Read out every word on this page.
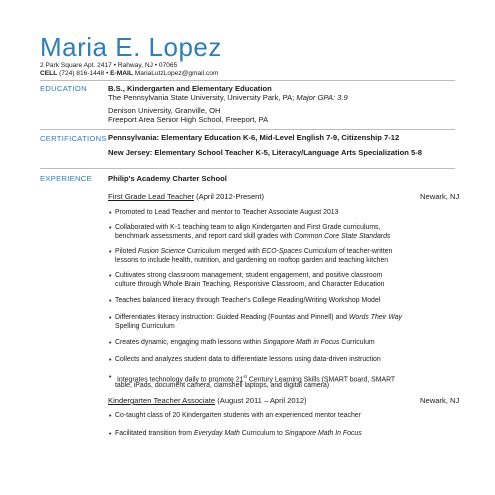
Maria E. Lopez
2 Park Square Apt. 2417 • Rahway, NJ • 07065
CELL (724) 816-1448 • E-MAIL MariaLutzLopez@gmail.com
EDUCATION	B.S., Kindergarten and Elementary Education
The Pennsylvania State University, University Park, PA; Major GPA: 3.9
Denison University, Granville, OH
Freeport Area Senior High School, Freeport, PA
CERTIFICATIONS Pennsylvania: Elementary Education K-6, Mid-Level English 7-9, Citizenship 7-12
New Jersey: Elementary School Teacher K-5, Literacy/Language Arts Specialization 5-8
EXPERIENCE Philip's Academy Charter School
First Grade Lead Teacher (April 2012-Present)	Newark, NJ
• Promoted to Lead Teacher and mentor to Teacher Associate August 2013
• Collaborated with K-1 teaching team to align Kindergarten and First Grade curriculums,
benchmark assessments, and report card skill grades with Common Core State Standards
• Piloted Fusion Science Curriculum merged with ECO-Spaces Curriculum of teacher-written
lessons to include health, nutrition, and gardening on rooftop garden and teaching kitchen
• Cultivates strong classroom management, student engagement, and positive classroom
culture through Whole Brain Teaching, Responsive Classroom, and Character Education
• Teaches balanced literacy through Teacher's College Reading/Writing Workshop Model
• Differentiates literacy instruction: Guided Reading (Fountas and Pinnell) and Words Their Way
Spelling Curriculum
• Creates dynamic, engaging math lessons within Singapore Math in Focus Curriculum
• Collects and analyzes student data to differentiate lessons using data-driven instruction
• Integrates technology daily to promote 21st Century Learning Skills (SMART board, SMART
table, iPads, document camera, clamshell laptops, and digital camera)
Kindergarten Teacher Associate (August 2011 – April 2012)	Newark, NJ
• Co-taught class of 20 Kindergarten students with an experienced mentor teacher
• Facilitated transition from Everyday Math Curriculum to Singapore Math In Focus
